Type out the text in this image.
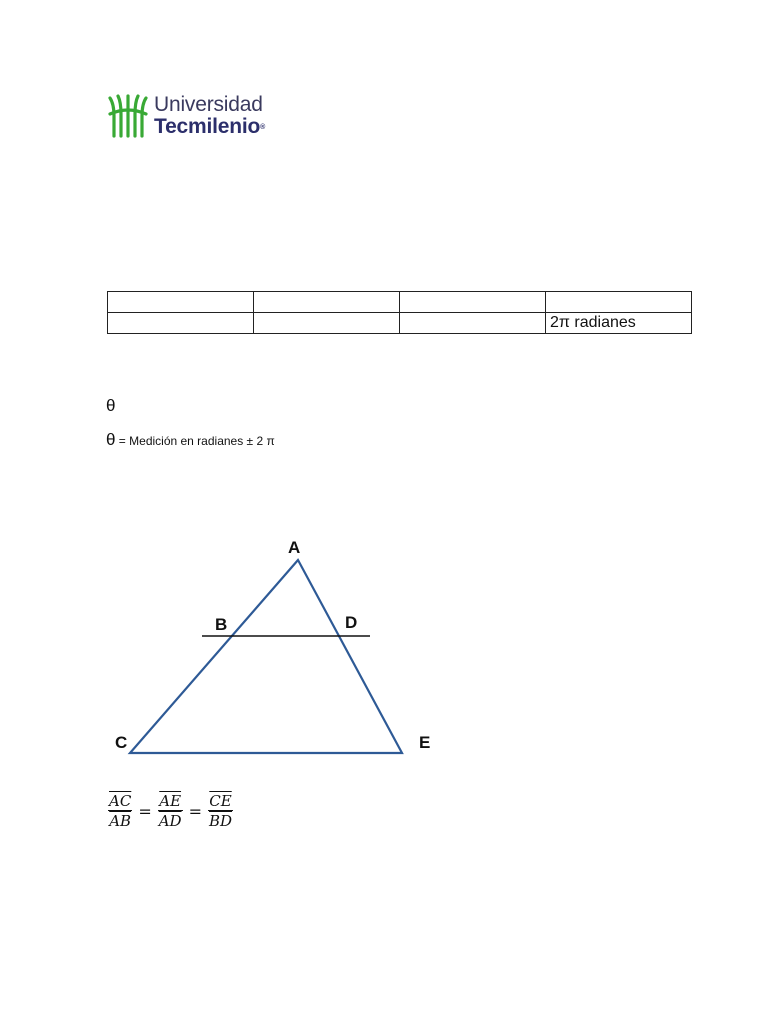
Universidad
Tecmilenio®

			2π radianes
θ
θ = Medición en radianes ± 2 π
A
B	D
C	E
$\frac{\overline{AC}}{AB} = \frac{\overline{AE}}{AD} = \frac{\overline{CE}}{BD}$
